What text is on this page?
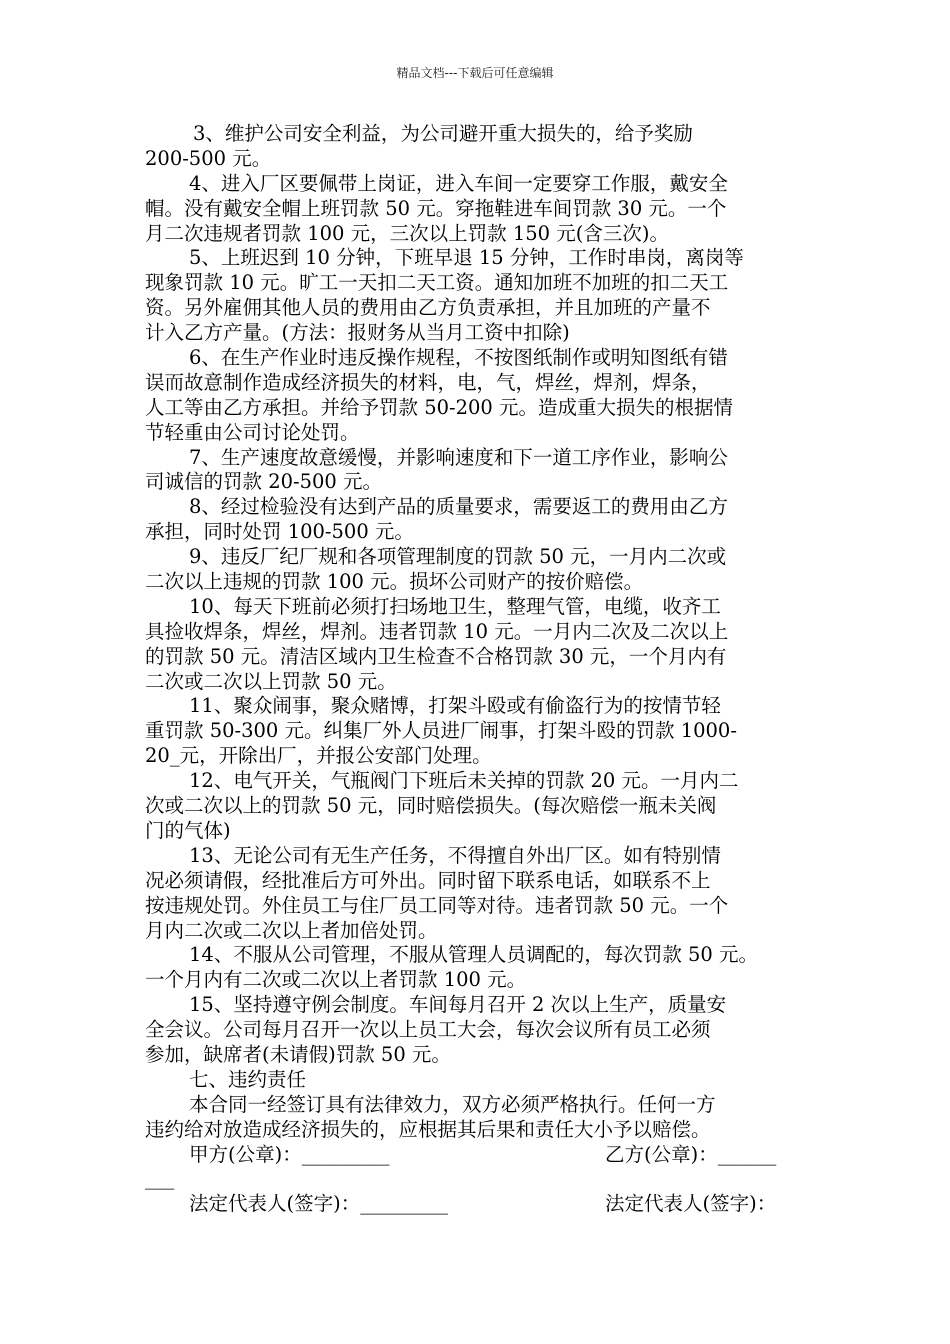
精品文档---下载后可任意编辑
3、维护公司安全利益，为公司避开重大损失的，给予奖励
200-500 元。
4、进入厂区要佩带上岗证，进入车间一定要穿工作服，戴安全
帽。没有戴安全帽上班罚款 50 元。穿拖鞋进车间罚款 30 元。一个
月二次违规者罚款 100 元，三次以上罚款 150 元(含三次)。
5、上班迟到 10 分钟，下班早退 15 分钟，工作时串岗，离岗等
现象罚款 10 元。旷工一天扣二天工资。通知加班不加班的扣二天工
资。另外雇佣其他人员的费用由乙方负责承担，并且加班的产量不
计入乙方产量。(方法：报财务从当月工资中扣除)
6、在生产作业时违反操作规程，不按图纸制作或明知图纸有错
误而故意制作造成经济损失的材料，电，气，焊丝，焊剂，焊条，
人工等由乙方承担。并给予罚款 50-200 元。造成重大损失的根据情
节轻重由公司讨论处罚。
7、生产速度故意缓慢，并影响速度和下一道工序作业，影响公
司诚信的罚款 20-500 元。
8、经过检验没有达到产品的质量要求，需要返工的费用由乙方
承担，同时处罚 100-500 元。
9、违反厂纪厂规和各项管理制度的罚款 50 元，一月内二次或
二次以上违规的罚款 100 元。损坏公司财产的按价赔偿。
10、每天下班前必须打扫场地卫生，整理气管，电缆，收齐工
具捡收焊条，焊丝，焊剂。违者罚款 10 元。一月内二次及二次以上
的罚款 50 元。清洁区域内卫生检查不合格罚款 30 元，一个月内有
二次或二次以上罚款 50 元。
11、聚众闹事，聚众赌博，打架斗殴或有偷盗行为的按情节轻
重罚款 50-300 元。纠集厂外人员进厂闹事，打架斗殴的罚款 1000-
20_元，开除出厂，并报公安部门处理。
12、电气开关，气瓶阀门下班后未关掉的罚款 20 元。一月内二
次或二次以上的罚款 50 元，同时赔偿损失。(每次赔偿一瓶未关阀
门的气体)
13、无论公司有无生产任务，不得擅自外出厂区。如有特别情
况必须请假，经批准后方可外出。同时留下联系电话，如联系不上
按违规处罚。外住员工与住厂员工同等对待。违者罚款 50 元。一个
月内二次或二次以上者加倍处罚。
14、不服从公司管理，不服从管理人员调配的，每次罚款 50 元。
一个月内有二次或二次以上者罚款 100 元。
15、坚持遵守例会制度。车间每月召开 2 次以上生产，质量安
全会议。公司每月召开一次以上员工大会，每次会议所有员工必须
参加，缺席者(未请假)罚款 50 元。
七、违约责任
本合同一经签订具有法律效力，双方必须严格执行。任何一方
违约给对放造成经济损失的，应根据其后果和责任大小予以赔偿。
甲方(公章)：_________	乙方(公章)：______
___
法定代表人(签字)：_________	法定代表人(签字)：
